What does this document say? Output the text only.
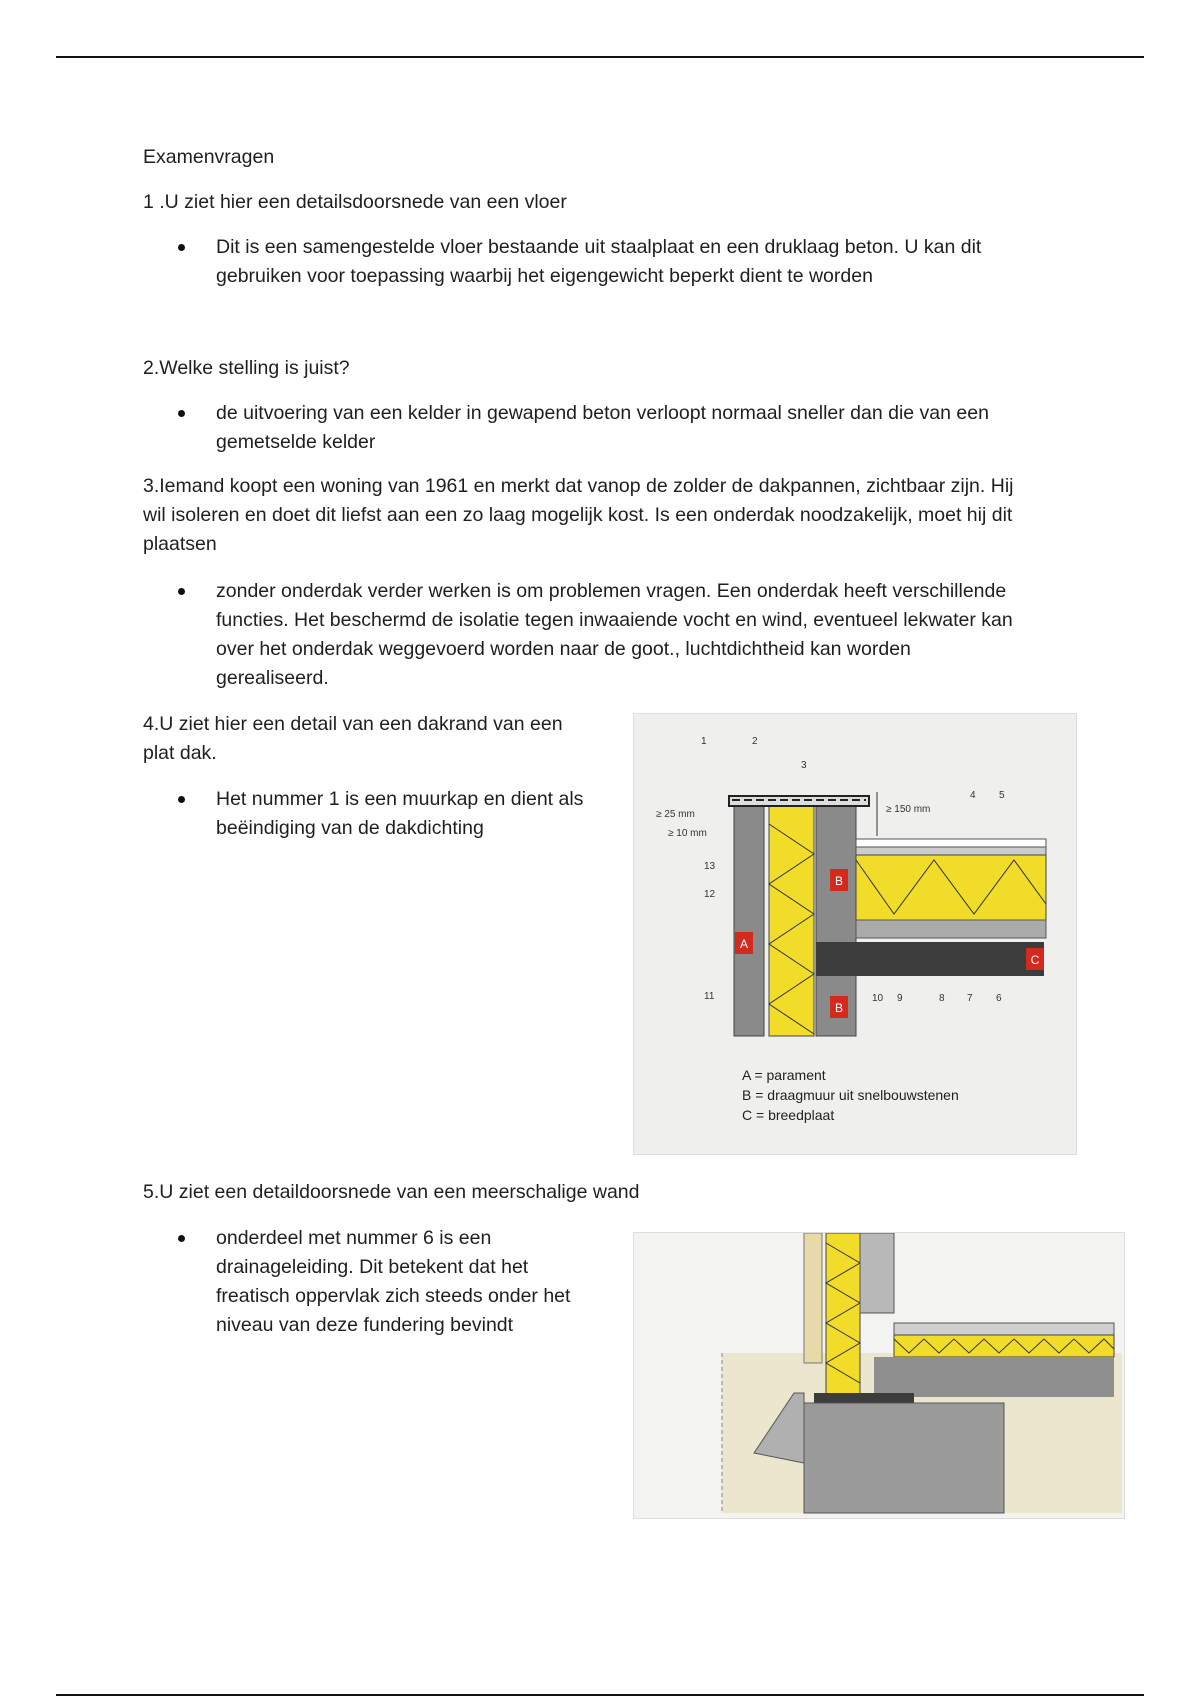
Examenvragen

1 .U ziet hier een detailsdoorsnede van een vloer

Dit is een samengestelde vloer bestaande uit staalplaat en een druklaag beton. U kan dit
gebruiken voor toepassing waarbij het eigengewicht beperkt dient te worden

2.Welke stelling is juist?

de uitvoering van een kelder in gewapend beton verloopt normaal sneller dan die van een
gemetselde kelder
3.Iemand koopt een woning van 1961 en merkt dat vanop de zolder de dakpannen, zichtbaar zijn. Hij
wil isoleren en doet dit liefst aan een zo laag mogelijk kost. Is een onderdak noodzakelijk, moet hij dit
plaatsen
zonder onderdak verder werken is om problemen vragen. Een onderdak heeft verschillende
functies. Het beschermd de isolatie tegen inwaaiende vocht en wind, eventueel lekwater kan
over het onderdak weggevoerd worden naar de goot., luchtdichtheid kan worden
gerealiseerd.
4.U ziet hier een detail van een dakrand van een
plat dak.
Het nummer 1 is een muurkap en dient als
beëindiging van de dakdichting

5.U ziet een detaildoorsnede van een meerschalige wand

onderdeel met nummer 6 is een
drainageleiding. Dit betekent dat het
freatisch oppervlak zich steeds onder het
niveau van deze fundering bevindt
A
B
B
C
≥ 25 mm
≥ 10 mm
≥ 150 mm
1	2
3
4 5
13
12
11	10 9	8 7 6
A = parament
B = draagmuur uit snelbouwstenen
C = breedplaat
